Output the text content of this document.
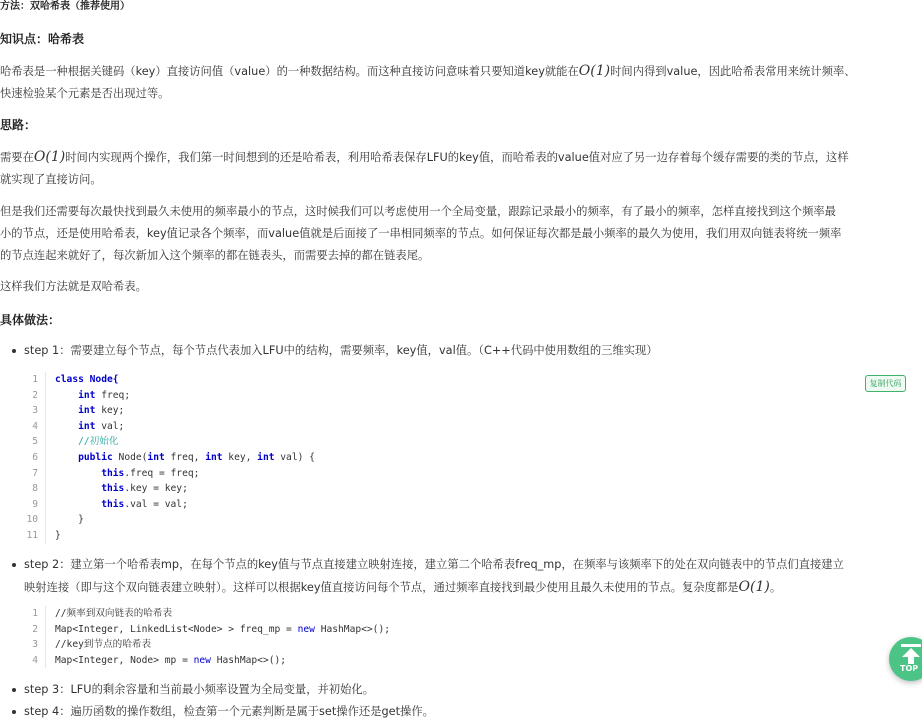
方法：双哈希表（推荐使用）
知识点：哈希表
哈希表是一种根据关键码（key）直接访问值（value）的一种数据结构。而这种直接访问意味着只要知道key就能在O(1)时间内得到value，因此哈希表常用来统计频率、
快速检验某个元素是否出现过等。
思路：
需要在O(1)时间内实现两个操作，我们第一时间想到的还是哈希表，利用哈希表保存LFU的key值，而哈希表的value值对应了另一边存着每个缓存需要的类的节点，这样
就实现了直接访问。
但是我们还需要每次最快找到最久未使用的频率最小的节点，这时候我们可以考虑使用一个全局变量，跟踪记录最小的频率，有了最小的频率，怎样直接找到这个频率最
小的节点，还是使用哈希表，key值记录各个频率，而value值就是后面接了一串相同频率的节点。如何保证每次都是最小频率的最久为使用，我们用双向链表将统一频率
的节点连起来就好了，每次新加入这个频率的都在链表头，而需要去掉的都在链表尾。
这样我们方法就是双哈希表。
具体做法：
step 1：需要建立每个节点，每个节点代表加入LFU中的结构，需要频率，key值，val值。（C++代码中使用数组的三维实现）
1 class Node{
2	int freq;
3	int key;
4	int val;
5 //初始化
6	public Node(int freq, int key, int val) {
7	this.freq = freq;
8	this.key = key;
9	this.val = val;
10 }
11 }
复制代码
step 2：建立第一个哈希表mp，在每个节点的key值与节点直接建立映射连接，建立第二个哈希表freq_mp，在频率与该频率下的处在双向链表中的节点们直接建立
映射连接（即与这个双向链表建立映射）。这样可以根据key值直接访问每个节点，通过频率直接找到最少使用且最久未使用的节点。复杂度都是O(1)。
1 //频率到双向链表的哈希表
2 Map<Integer, LinkedList<Node> > freq_mp = new HashMap<>();
3 //key到节点的哈希表
4 Map<Integer, Node> mp = new HashMap<>();
step 3：LFU的剩余容量和当前最小频率设置为全局变量，并初始化。
step 4：遍历函数的操作数组，检查第一个元素判断是属于set操作还是get操作。
TOP
